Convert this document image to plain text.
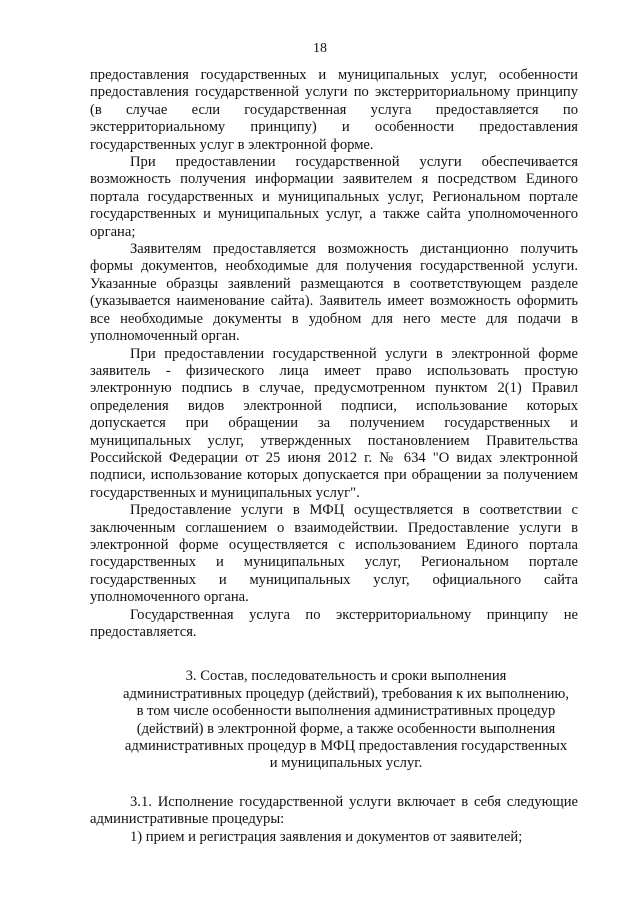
18

предоставления государственных и муниципальных услуг, особенности предоставления государственной услуги по экстерриториальному принципу (в случае если государственная услуга предоставляется по экстерриториальному принципу) и особенности предоставления государственных услуг в электронной форме.

При предоставлении государственной услуги обеспечивается возможность получения информации заявителем я посредством Единого портала государственных и муниципальных услуг, Региональном портале государственных и муниципальных услуг, а также сайта уполномоченного органа;

Заявителям предоставляется возможность дистанционно получить формы документов, необходимые для получения государственной услуги. Указанные образцы заявлений размещаются в соответствующем разделе (указывается наименование сайта). Заявитель имеет возможность оформить все необходимые документы в удобном для него месте для подачи в уполномоченный орган.

При предоставлении государственной услуги в электронной форме заявитель - физического лица имеет право использовать простую электронную подпись в случае, предусмотренном пунктом 2(1) Правил определения видов электронной подписи, использование которых допускается при обращении за получением государственных и муниципальных услуг, утвержденных постановлением Правительства Российской Федерации от 25 июня 2012 г. № 634 "О видах электронной подписи, использование которых допускается при обращении за получением государственных и муниципальных услуг".

Предоставление услуги в МФЦ осуществляется в соответствии с заключенным соглашением о взаимодействии. Предоставление услуги в электронной форме осуществляется с использованием Единого портала государственных и муниципальных услуг, Региональном портале государственных и муниципальных услуг, официального сайта уполномоченного органа.

Государственная услуга по экстерриториальному принципу не предоставляется.

3. Состав, последовательность и сроки выполнения
административных процедур (действий), требования к их выполнению,
в том числе особенности выполнения административных процедур
(действий) в электронной форме, а также особенности выполнения
административных процедур в МФЦ предоставления государственных
и муниципальных услуг.

3.1. Исполнение государственной услуги включает в себя следующие административные процедуры:

1) прием и регистрация заявления и документов от заявителей;
